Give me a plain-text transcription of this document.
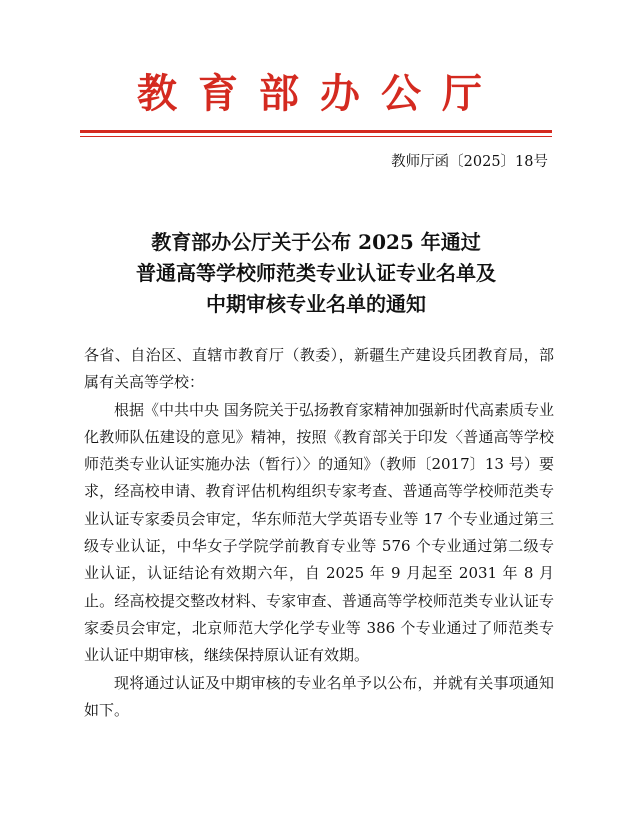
教育部办公厅
教师厅函〔2025〕18号
教育部办公厅关于公布 2025 年通过
普通高等学校师范类专业认证专业名单及
中期审核专业名单的通知

各省、自治区、直辖市教育厅（教委），新疆生产建设兵团教育局，部属有关高等学校：

根据《中共中央 国务院关于弘扬教育家精神加强新时代高素质专业化教师队伍建设的意见》精神，按照《教育部关于印发〈普通高等学校师范类专业认证实施办法（暂行）〉的通知》（教师〔2017〕13 号）要求，经高校申请、教育评估机构组织专家考查、普通高等学校师范类专业认证专家委员会审定，华东师范大学英语专业等 17 个专业通过第三级专业认证，中华女子学院学前教育专业等 576 个专业通过第二级专业认证，认证结论有效期六年，自 2025 年 9 月起至 2031 年 8 月止。经高校提交整改材料、专家审查、普通高等学校师范类专业认证专家委员会审定，北京师范大学化学专业等 386 个专业通过了师范类专业认证中期审核，继续保持原认证有效期。

现将通过认证及中期审核的专业名单予以公布，并就有关事项通知如下。
